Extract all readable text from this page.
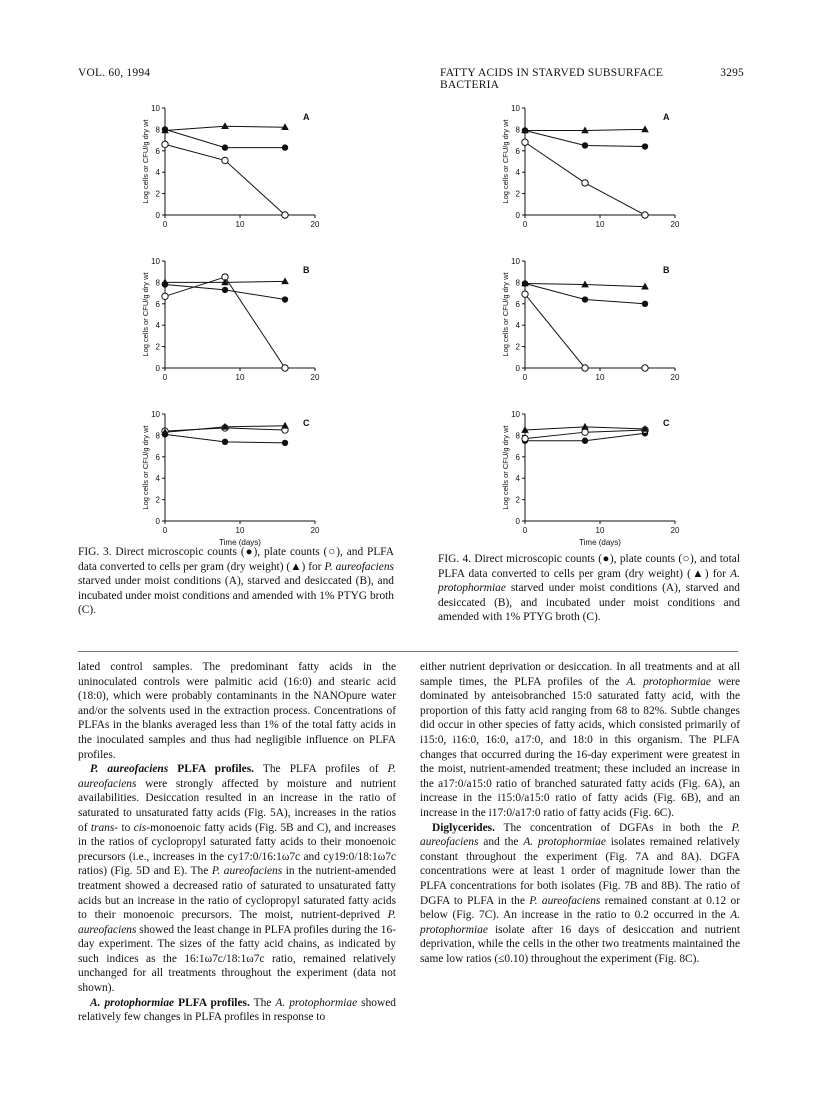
VOL. 60, 1994	FATTY ACIDS IN STARVED SUBSURFACE BACTERIA
3295
0
2
4
6
8
10
0	10	20
A
Log cells or CFU/g dry wt
0
2
4
6
8
10
0	10	20
B
Log cells or CFU/g dry wt
0
2
4
6
8
10
0	10	20
C
Log cells or CFU/g dry wt
Time (days)
0
2
4
6
8
10
0	10	20
A
Log cells or CFU/g dry wt
0
2
4
6
8
10
0	10	20
B
Log cells or CFU/g dry wt
0
2
4
6
8
10
0	10	20
C
Log cells or CFU/g dry wt
Time (days)
FIG. 3. Direct microscopic counts (●), plate counts (○), and PLFA data converted to cells per gram (dry weight) (▲) for P. aureofaciens starved under moist conditions (A), starved and desiccated (B), and incubated under moist conditions and amended with 1% PTYG broth (C).
FIG. 4. Direct microscopic counts (●), plate counts (○), and total PLFA data converted to cells per gram (dry weight) (▲) for A. protophormiae starved under moist conditions (A), starved and desiccated (B), and incubated under moist conditions and amended with 1% PTYG broth (C).

lated control samples. The predominant fatty acids in the uninoculated controls were palmitic acid (16:0) and stearic acid (18:0), which were probably contaminants in the NANOpure water and/or the solvents used in the extraction process. Concentrations of PLFAs in the blanks averaged less than 1% of the total fatty acids in the inoculated samples and thus had negligible influence on PLFA profiles.

P. aureofaciens PLFA profiles. The PLFA profiles of P. aureofaciens were strongly affected by moisture and nutrient availabilities. Desiccation resulted in an increase in the ratio of saturated to unsaturated fatty acids (Fig. 5A), increases in the ratios of trans- to cis-monoenoic fatty acids (Fig. 5B and C), and increases in the ratios of cyclopropyl saturated fatty acids to their monoenoic precursors (i.e., increases in the cy17:0/16:1ω7c and cy19:0/18:1ω7c ratios) (Fig. 5D and E). The P. aureofaciens in the nutrient-amended treatment showed a decreased ratio of saturated to unsaturated fatty acids but an increase in the ratio of cyclopropyl saturated fatty acids to their monoenoic precursors. The moist, nutrient-deprived P. aureofaciens showed the least change in PLFA profiles during the 16-day experiment. The sizes of the fatty acid chains, as indicated by such indices as the 16:1ω7c/18:1ω7c ratio, remained relatively unchanged for all treatments throughout the experiment (data not shown).

A. protophormiae PLFA profiles. The A. protophormiae showed relatively few changes in PLFA profiles in response to

either nutrient deprivation or desiccation. In all treatments and at all sample times, the PLFA profiles of the A. protophormiae were dominated by anteisobranched 15:0 saturated fatty acid, with the proportion of this fatty acid ranging from 68 to 82%. Subtle changes did occur in other species of fatty acids, which consisted primarily of i15:0, i16:0, 16:0, a17:0, and 18:0 in this organism. The PLFA changes that occurred during the 16-day experiment were greatest in the moist, nutrient-amended treatment; these included an increase in the a17:0/a15:0 ratio of branched saturated fatty acids (Fig. 6A), an increase in the i15:0/a15:0 ratio of fatty acids (Fig. 6B), and an increase in the i17:0/a17:0 ratio of fatty acids (Fig. 6C).

Diglycerides. The concentration of DGFAs in both the P. aureofaciens and the A. protophormiae isolates remained relatively constant throughout the experiment (Fig. 7A and 8A). DGFA concentrations were at least 1 order of magnitude lower than the PLFA concentrations for both isolates (Fig. 7B and 8B). The ratio of DGFA to PLFA in the P. aureofaciens remained constant at 0.12 or below (Fig. 7C). An increase in the ratio to 0.2 occurred in the A. protophormiae isolate after 16 days of desiccation and nutrient deprivation, while the cells in the other two treatments maintained the same low ratios (≤0.10) throughout the experiment (Fig. 8C).
